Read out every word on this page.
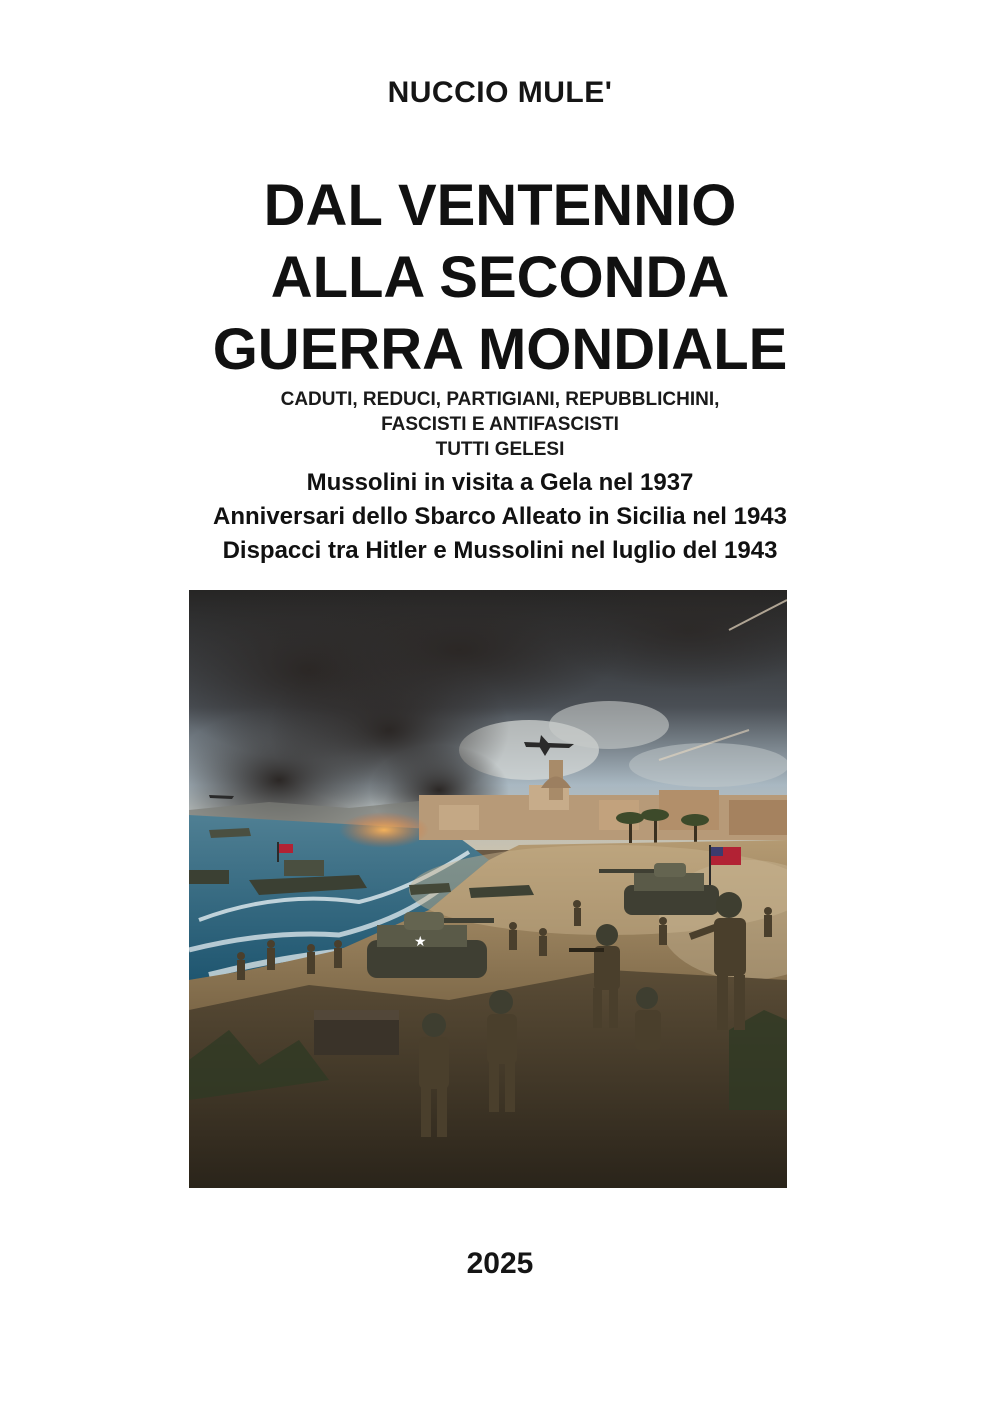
NUCCIO MULE'
DAL VENTENNIO
ALLA SECONDA
GUERRA MONDIALE
CADUTI, REDUCI, PARTIGIANI, REPUBBLICHINI,
FASCISTI E ANTIFASCISTI
TUTTI GELESI
Mussolini in visita a Gela nel 1937
Anniversari dello Sbarco Alleato in Sicilia nel 1943
Dispacci tra Hitler e Mussolini nel luglio del 1943
★
2025
